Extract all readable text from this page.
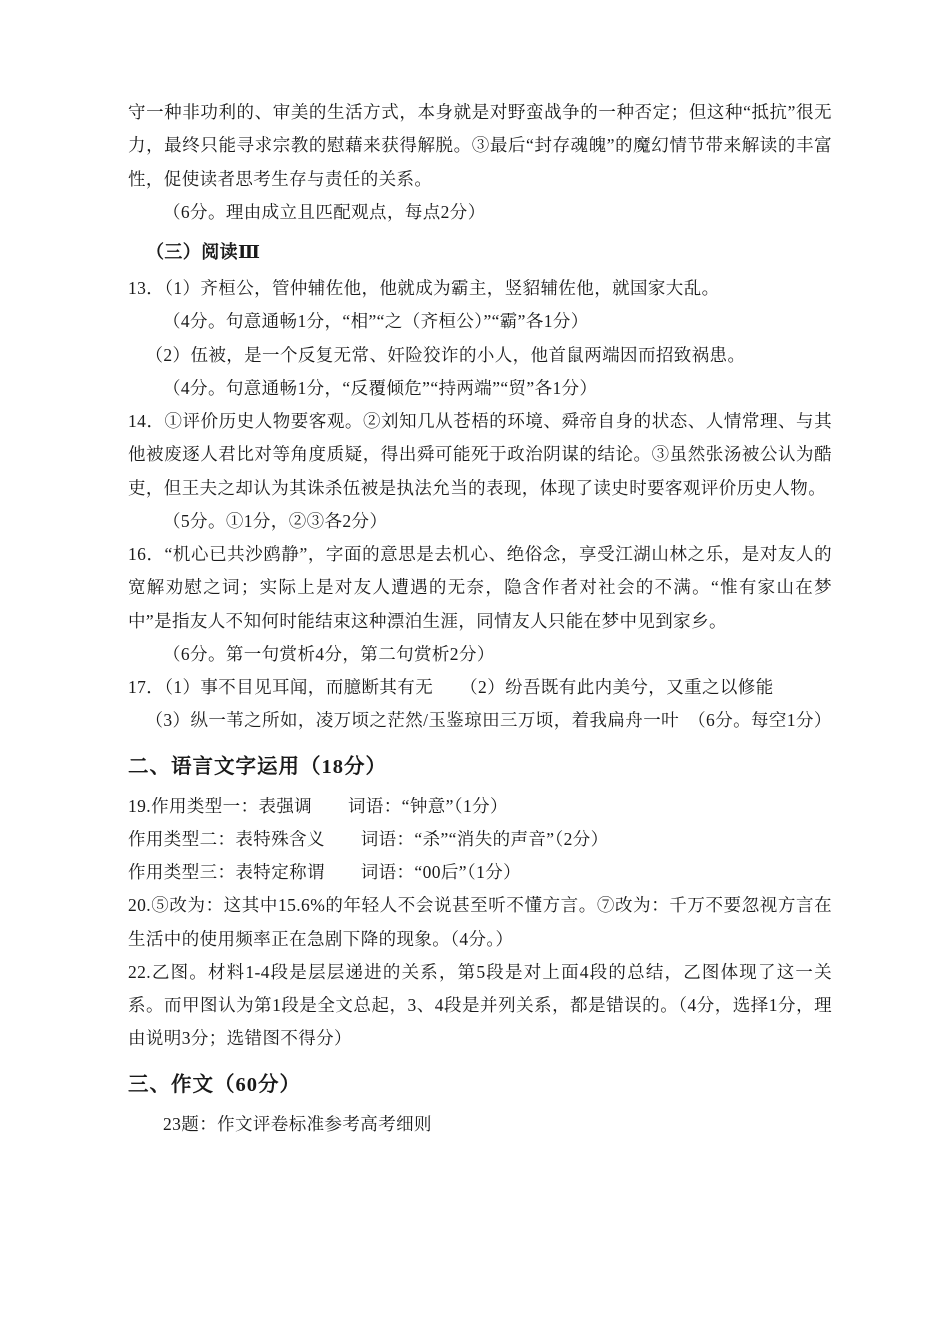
守一种非功利的、审美的生活方式，本身就是对野蛮战争的一种否定；但这种“抵抗”很无力，最终只能寻求宗教的慰藉来获得解脱。③最后“封存魂魄”的魔幻情节带来解读的丰富性，促使读者思考生存与责任的关系。

（6分。理由成立且匹配观点，每点2分）

（三）阅读Ⅲ

13．（1）齐桓公，管仲辅佐他，他就成为霸主，竖貂辅佐他，就国家大乱。

（4分。句意通畅1分，“相”“之（齐桓公）”“霸”各1分）

（2）伍被，是一个反复无常、奸险狡诈的小人，他首鼠两端因而招致祸患。

（4分。句意通畅1分，“反覆倾危”“持两端”“贸”各1分）

14．①评价历史人物要客观。②刘知几从苍梧的环境、舜帝自身的状态、人情常理、与其他被废逐人君比对等角度质疑，得出舜可能死于政治阴谋的结论。③虽然张汤被公认为酷吏，但王夫之却认为其诛杀伍被是执法允当的表现，体现了读史时要客观评价历史人物。

（5分。①1分，②③各2分）

16．“机心已共沙鸥静”，字面的意思是去机心、绝俗念，享受江湖山林之乐，是对友人的宽解劝慰之词；实际上是对友人遭遇的无奈，隐含作者对社会的不满。“惟有家山在梦中”是指友人不知何时能结束这种漂泊生涯，同情友人只能在梦中见到家乡。

（6分。第一句赏析4分，第二句赏析2分）

17．（1）事不目见耳闻，而臆断其有无　　（2）纷吾既有此内美兮，又重之以修能

（3）纵一苇之所如，凌万顷之茫然/玉鉴琼田三万顷，着我扁舟一叶　（6分。每空1分）

二、语言文字运用（18分）

19.作用类型一：表强调　　词语：“钟意”（1分）

作用类型二：表特殊含义　　词语：“杀”“消失的声音”（2分）

作用类型三：表特定称谓　　词语：“00后”（1分）

20.⑤改为：这其中15.6%的年轻人不会说甚至听不懂方言。⑦改为：千万不要忽视方言在生活中的使用频率正在急剧下降的现象。（4分。）

22.乙图。材料1-4段是层层递进的关系，第5段是对上面4段的总结，乙图体现了这一关系。而甲图认为第1段是全文总起，3、4段是并列关系，都是错误的。（4分，选择1分，理由说明3分；选错图不得分）

三、作文（60分）

23题：作文评卷标准参考高考细则
